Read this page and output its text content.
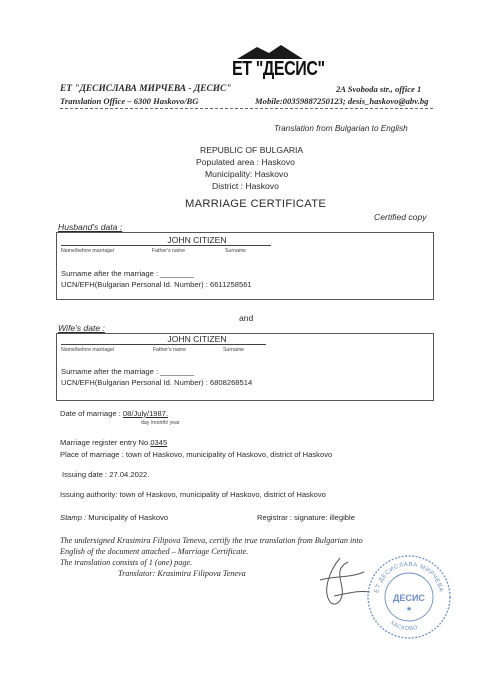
ЕТ "ДЕСИС"
ЕТ "ДЕСИСЛАВА МИРЧЕВА - ДЕСИС"
Translation Office – 6300 Haskovo/BG
2A Svoboda str., office 1
Mobile:00359887250123; desis_haskovo@abv.bg
Translation from Bulgarian to English
REPUBLIC OF BULGARIA
Populated area : Haskovo
Municipality: Haskovo
District : Haskovo
MARRIAGE CERTIFICATE
Certified copy
Husband's data :
JOHN CITIZEN
Name/before marriage/	Father's name	Surname
Surname after the marriage : ________
UCN/EFH(Bulgarian Personal Id. Number) : 6611258561
and
Wife's date :
JOHN CITIZEN
Name/before marriage/	Father's name	Surname
Surname after the marriage : ________
UCN/EFH(Bulgarian Personal Id. Number) : 6808268514
Date of marriage : 08/July/1987.
day /month/ year
Marriage register entry No.0345
Place of marriage : town of Haskovo, municipality of Haskovo, district of Haskovo
Issuing date : 27.04.2022.
Issuing authority: town of Haskovo, municipality of Haskovo, district of Haskovo
Stamp : Municipality of Haskovo	Registrar : signature: illegible
The undersigned Krasimira Filipova Teneva, certify the true translation from Bulgarian into
English of the document attached – Marriage Certificate.
The translation consists of 1 (one) page.
Translator: Krasimira Filipova Teneva
ЕТ ДЕСИСЛАВА МИРЧЕВА
ХАСКОВО
ДЕСИС
★
